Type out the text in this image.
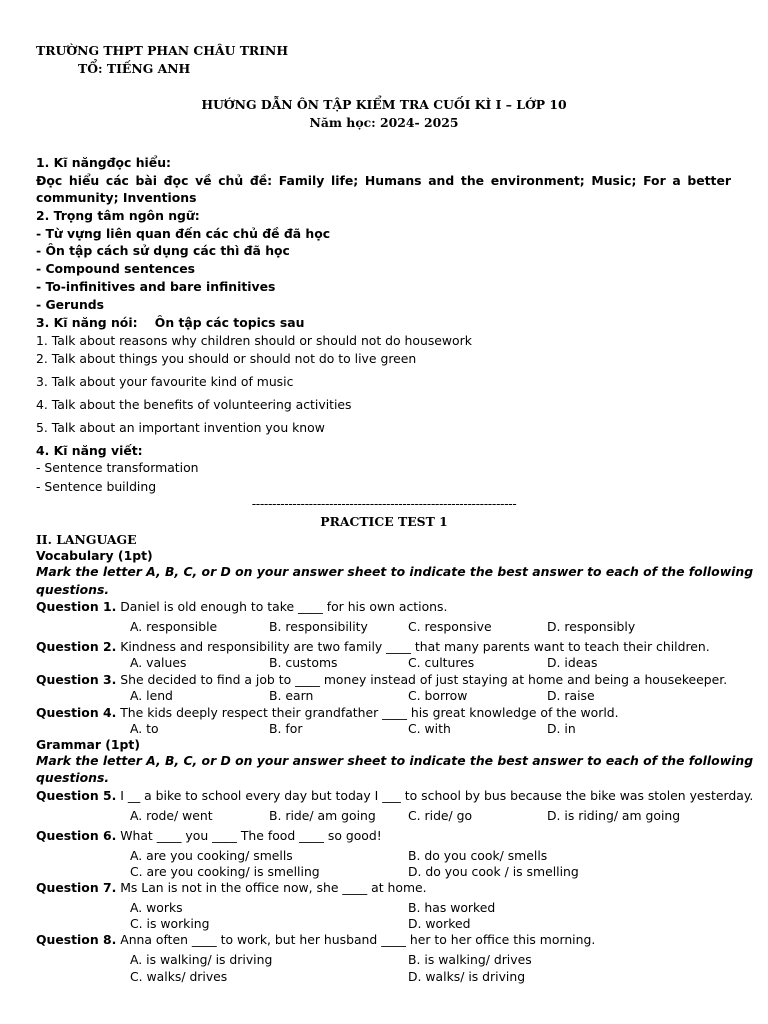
TRƯỜNG THPT PHAN CHÂU TRINH
TỔ: TIẾNG ANH
HƯỚNG DẪN ÔN TẬP KIỂM TRA CUỐI KÌ I – LỚP 10
Năm học: 2024- 2025
1. Kĩ năngđọc hiểu:
Đọc hiểu các bài đọc về chủ đề: Family life; Humans and the environment; Music; For a better
community; Inventions
2. Trọng tâm ngôn ngữ:
- Từ vựng liên quan đến các chủ đề đã học
- Ôn tập cách sử dụng các thì đã học
- Compound sentences
- To-infinitives and bare infinitives
- Gerunds
3. Kĩ năng nói:    Ôn tập các topics sau
1. Talk about reasons why children should or should not do housework
2. Talk about things you should or should not do to live green
3. Talk about your favourite kind of music
4. Talk about the benefits of volunteering activities
5. Talk about an important invention you know
4. Kĩ năng viết:
- Sentence transformation
- Sentence building
-----------------------------------------------------------------
PRACTICE TEST 1
II. LANGUAGE
Vocabulary (1pt)
Mark the letter A, B, C, or D on your answer sheet to indicate the best answer to each of the following
questions.
Question 1. Daniel is old enough to take ____ for his own actions.
A. responsible	B. responsibility	C. responsive	D. responsibly
Question 2. Kindness and responsibility are two family ____ that many parents want to teach their children.
A. values	B. customs	C. cultures	D. ideas
Question 3. She decided to find a job to ____ money instead of just staying at home and being a housekeeper.
A. lend	B. earn	C. borrow	D. raise
Question 4. The kids deeply respect their grandfather ____ his great knowledge of the world.
A. to	B. for	C. with	D. in
Grammar (1pt)
Mark the letter A, B, C, or D on your answer sheet to indicate the best answer to each of the following
questions.
Question 5. I __ a bike to school every day but today I ___ to school by bus because the bike was stolen yesterday.
A. rode/ went	B. ride/ am going	C. ride/ go	D. is riding/ am going
Question 6. What ____ you ____ The food ____ so good!
A. are you cooking/ smells	B. do you cook/ smells
C. are you cooking/ is smelling	D. do you cook / is smelling
Question 7. Ms Lan is not in the office now, she ____ at home.
A. works	B. has worked
C. is working	D. worked
Question 8. Anna often ____ to work, but her husband ____ her to her office this morning.
A. is walking/ is driving	B. is walking/ drives
C. walks/ drives	D. walks/ is driving
